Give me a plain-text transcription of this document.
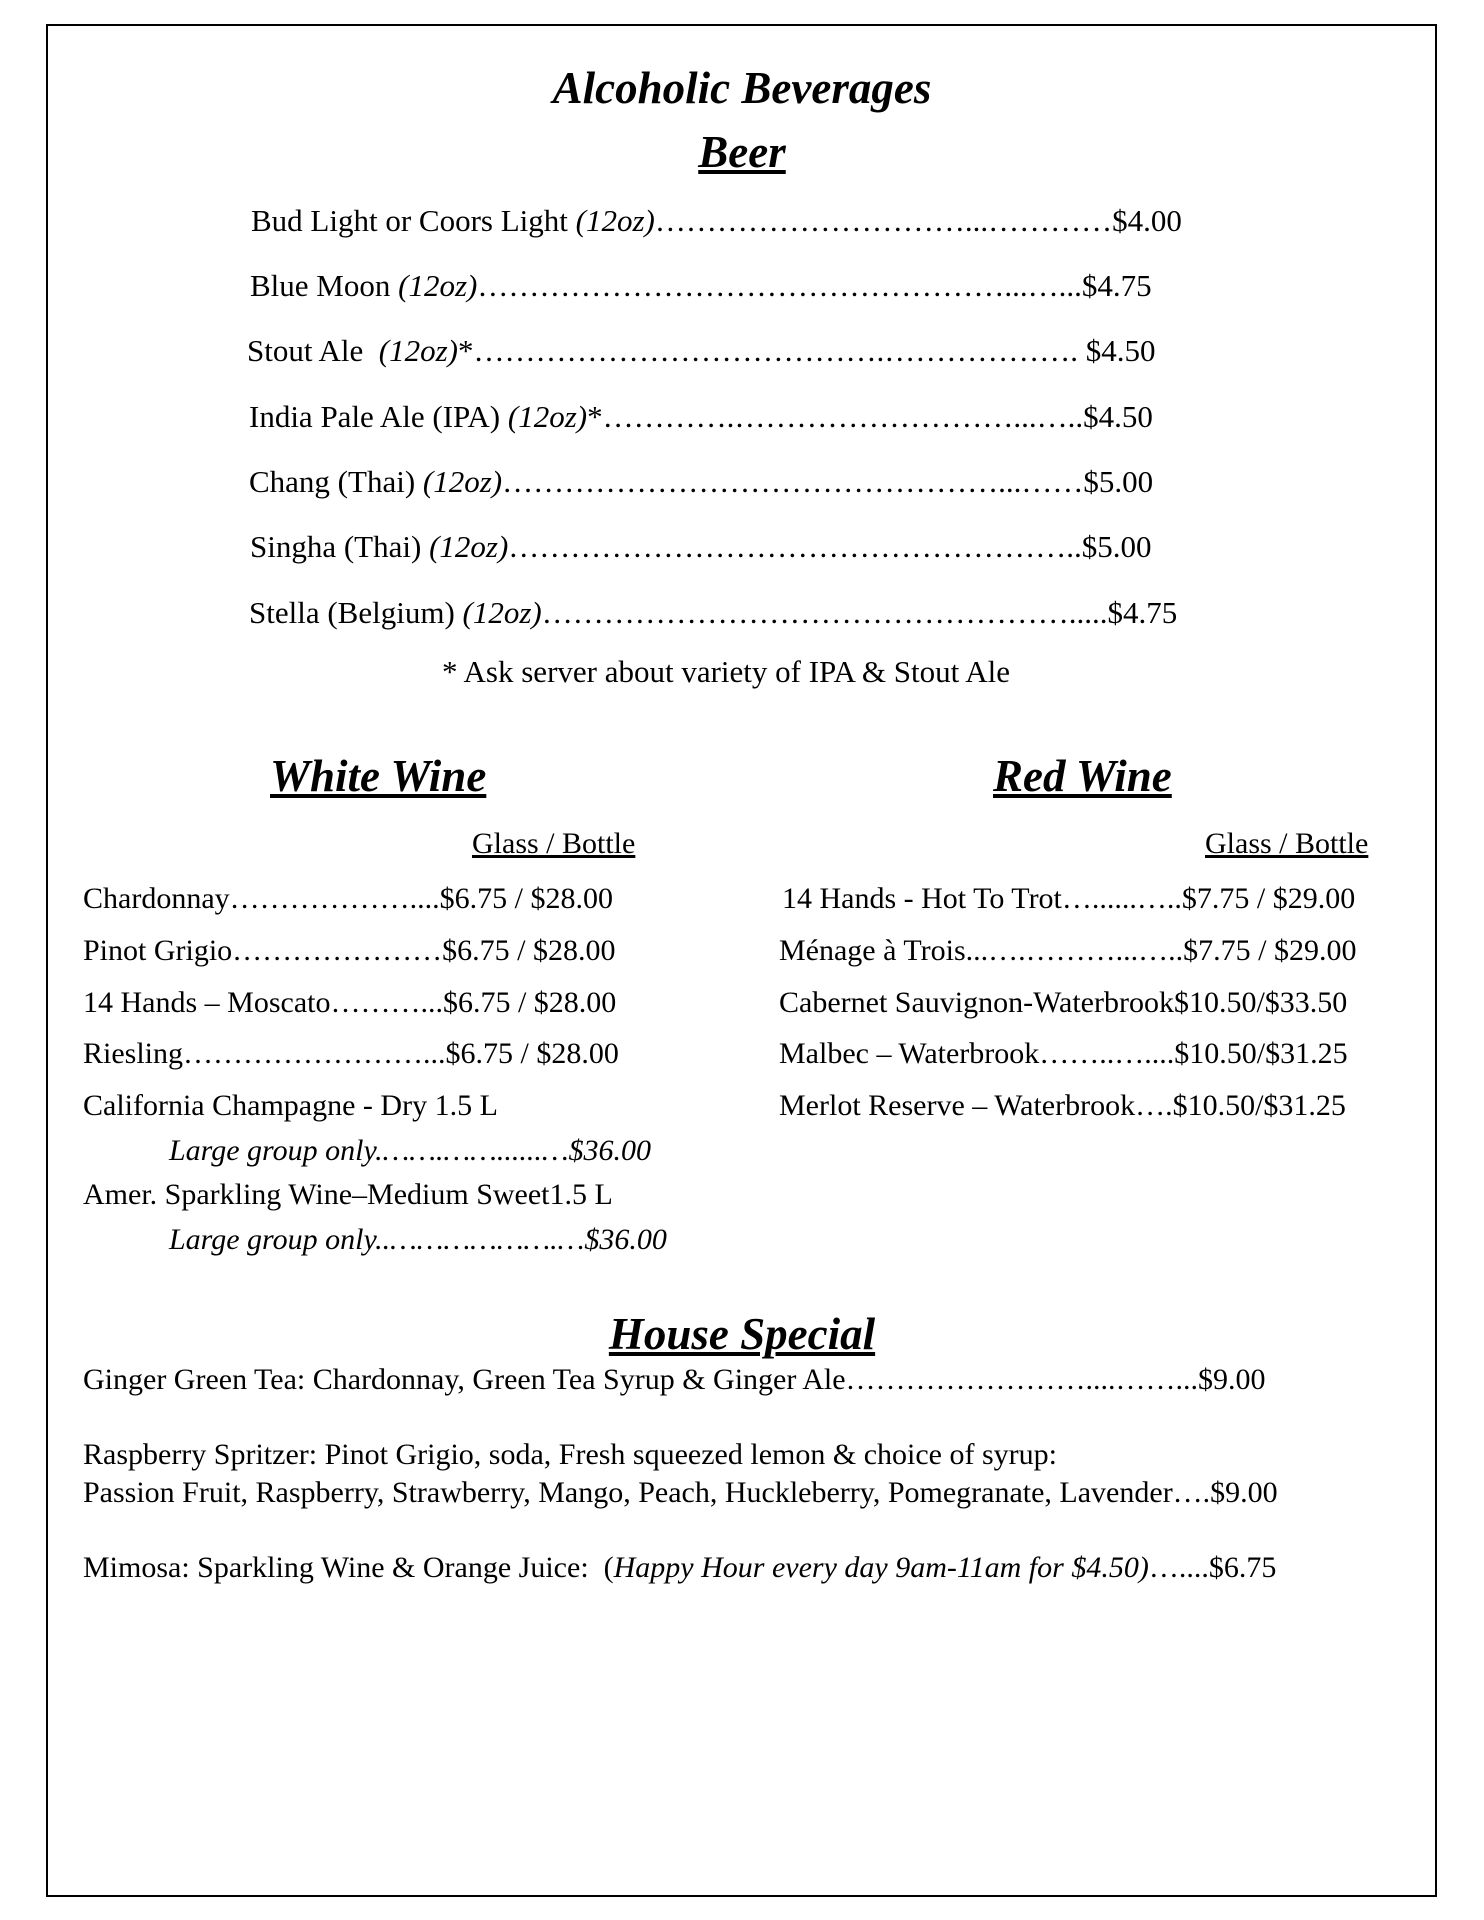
Alcoholic Beverages
Beer
Bud Light or Coors Light (12oz)…………………………...…………$4.00
Blue Moon (12oz)……………………………………………...…...$4.75
Stout Ale  (12oz)*………………………………….………………. $4.50
India Pale Ale (IPA) (12oz)*………….………………………...…..$4.50
Chang (Thai) (12oz)…………………………………………...……$5.00
Singha (Thai) (12oz)………………………………………………..$5.00
Stella (Belgium) (12oz)…………………………………………….....$4.75
* Ask server about variety of IPA & Stout Ale
White Wine
Glass / Bottle
Chardonnay………………....$6.75 / $28.00
Pinot Grigio…………………$6.75 / $28.00
14 Hands – Moscato………...$6.75 / $28.00
Riesling……………………...$6.75 / $28.00
California Champagne - Dry 1.5 L
Large group only.…….……......…$36.00
Amer. Sparkling Wine–Medium Sweet1.5 L
Large group only..……………….…$36.00
Red Wine
Glass / Bottle
14 Hands - Hot To Trot…......…..$7.75 / $29.00
Ménage à Trois...….………...…..$7.75 / $29.00
Cabernet Sauvignon-Waterbrook$10.50/$33.50
Malbec – Waterbrook……..…....$10.50/$31.25
Merlot Reserve – Waterbrook….$10.50/$31.25
House Special
Ginger Green Tea: Chardonnay, Green Tea Syrup & Ginger Ale……………………....……...$9.00
Raspberry Spritzer: Pinot Grigio, soda, Fresh squeezed lemon & choice of syrup:
Passion Fruit, Raspberry, Strawberry, Mango, Peach, Huckleberry, Pomegranate, Lavender….$9.00
Mimosa: Sparkling Wine & Orange Juice:  (Happy Hour every day 9am-11am for $4.50)…....$6.75
